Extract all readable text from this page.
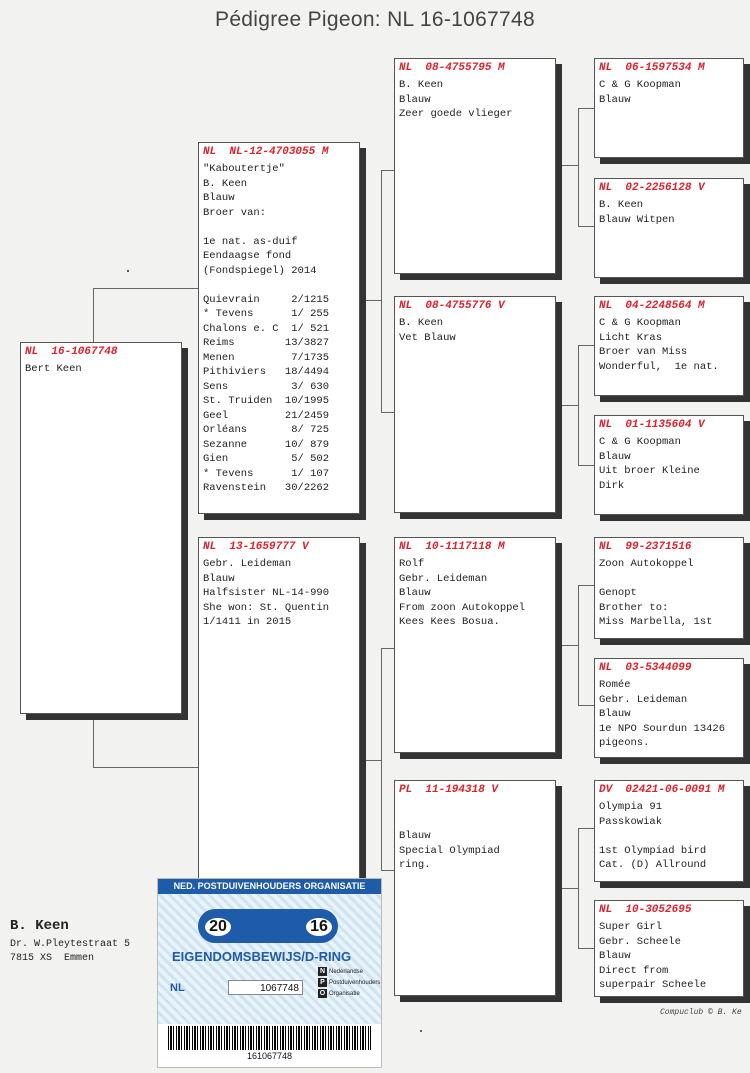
Pédigree Pigeon: NL 16-1067748
NL  16-1067748
Bert Keen
NL  NL-12-4703055 M
"Kaboutertje"
B. Keen
Blauw
Broer van:

1e nat. as-duif
Eendaagse fond
(Fondspiegel) 2014

Quievrain     2/1215
* Tevens      1/ 255
Chalons e. C  1/ 521
Reims        13/3827
Menen         7/1735
Pithiviers   18/4494
Sens          3/ 630
St. Truiden  10/1995
Geel         21/2459
Orléans       8/ 725
Sezanne      10/ 879
Gien          5/ 502
* Tevens      1/ 107
Ravenstein   30/2262
NL  13-1659777 V
Gebr. Leideman
Blauw
Halfsister NL-14-990
She won: St. Quentin
1/1411 in 2015
NL  08-4755795 M
B. Keen
Blauw
Zeer goede vlieger
NL  08-4755776 V
B. Keen
Vet Blauw
NL  10-1117118 M
Rolf
Gebr. Leideman
Blauw
From zoon Autokoppel
Kees Kees Bosua.
PL  11-194318 V

Blauw
Special Olympiad
ring.
NL  06-1597534 M
C & G Koopman
Blauw
NL  02-2256128 V
B. Keen
Blauw Witpen
NL  04-2248564 M
C & G Koopman
Licht Kras
Broer van Miss
Wonderful,  1e nat.
NL  01-1135604 V
C & G Koopman
Blauw
Uit broer Kleine
Dirk
NL  99-2371516
Zoon Autokoppel

Genopt
Brother to:
Miss Marbella, 1st
NL  03-5344099
Romée
Gebr. Leideman
Blauw
1e NPO Sourdun 13426
pigeons.
DV  02421-06-0091 M
Olympia 91
Passkowiak

1st Olympiad bird
Cat. (D) Allround
NL  10-3052695
Super Girl
Gebr. Scheele
Blauw
Direct from
superpair Scheele
B. Keen
Dr. W.Pleytestraat 5
7815 XS  Emmen
Compuclub © B. Ke
NED. POSTDUIVENHOUDERS ORGANISATIE
20	16
EIGENDOMSBEWIJS/D-RING
NL	1067748
N Nederlandse
P Postduivenhouders
O Organisatie
161067748
